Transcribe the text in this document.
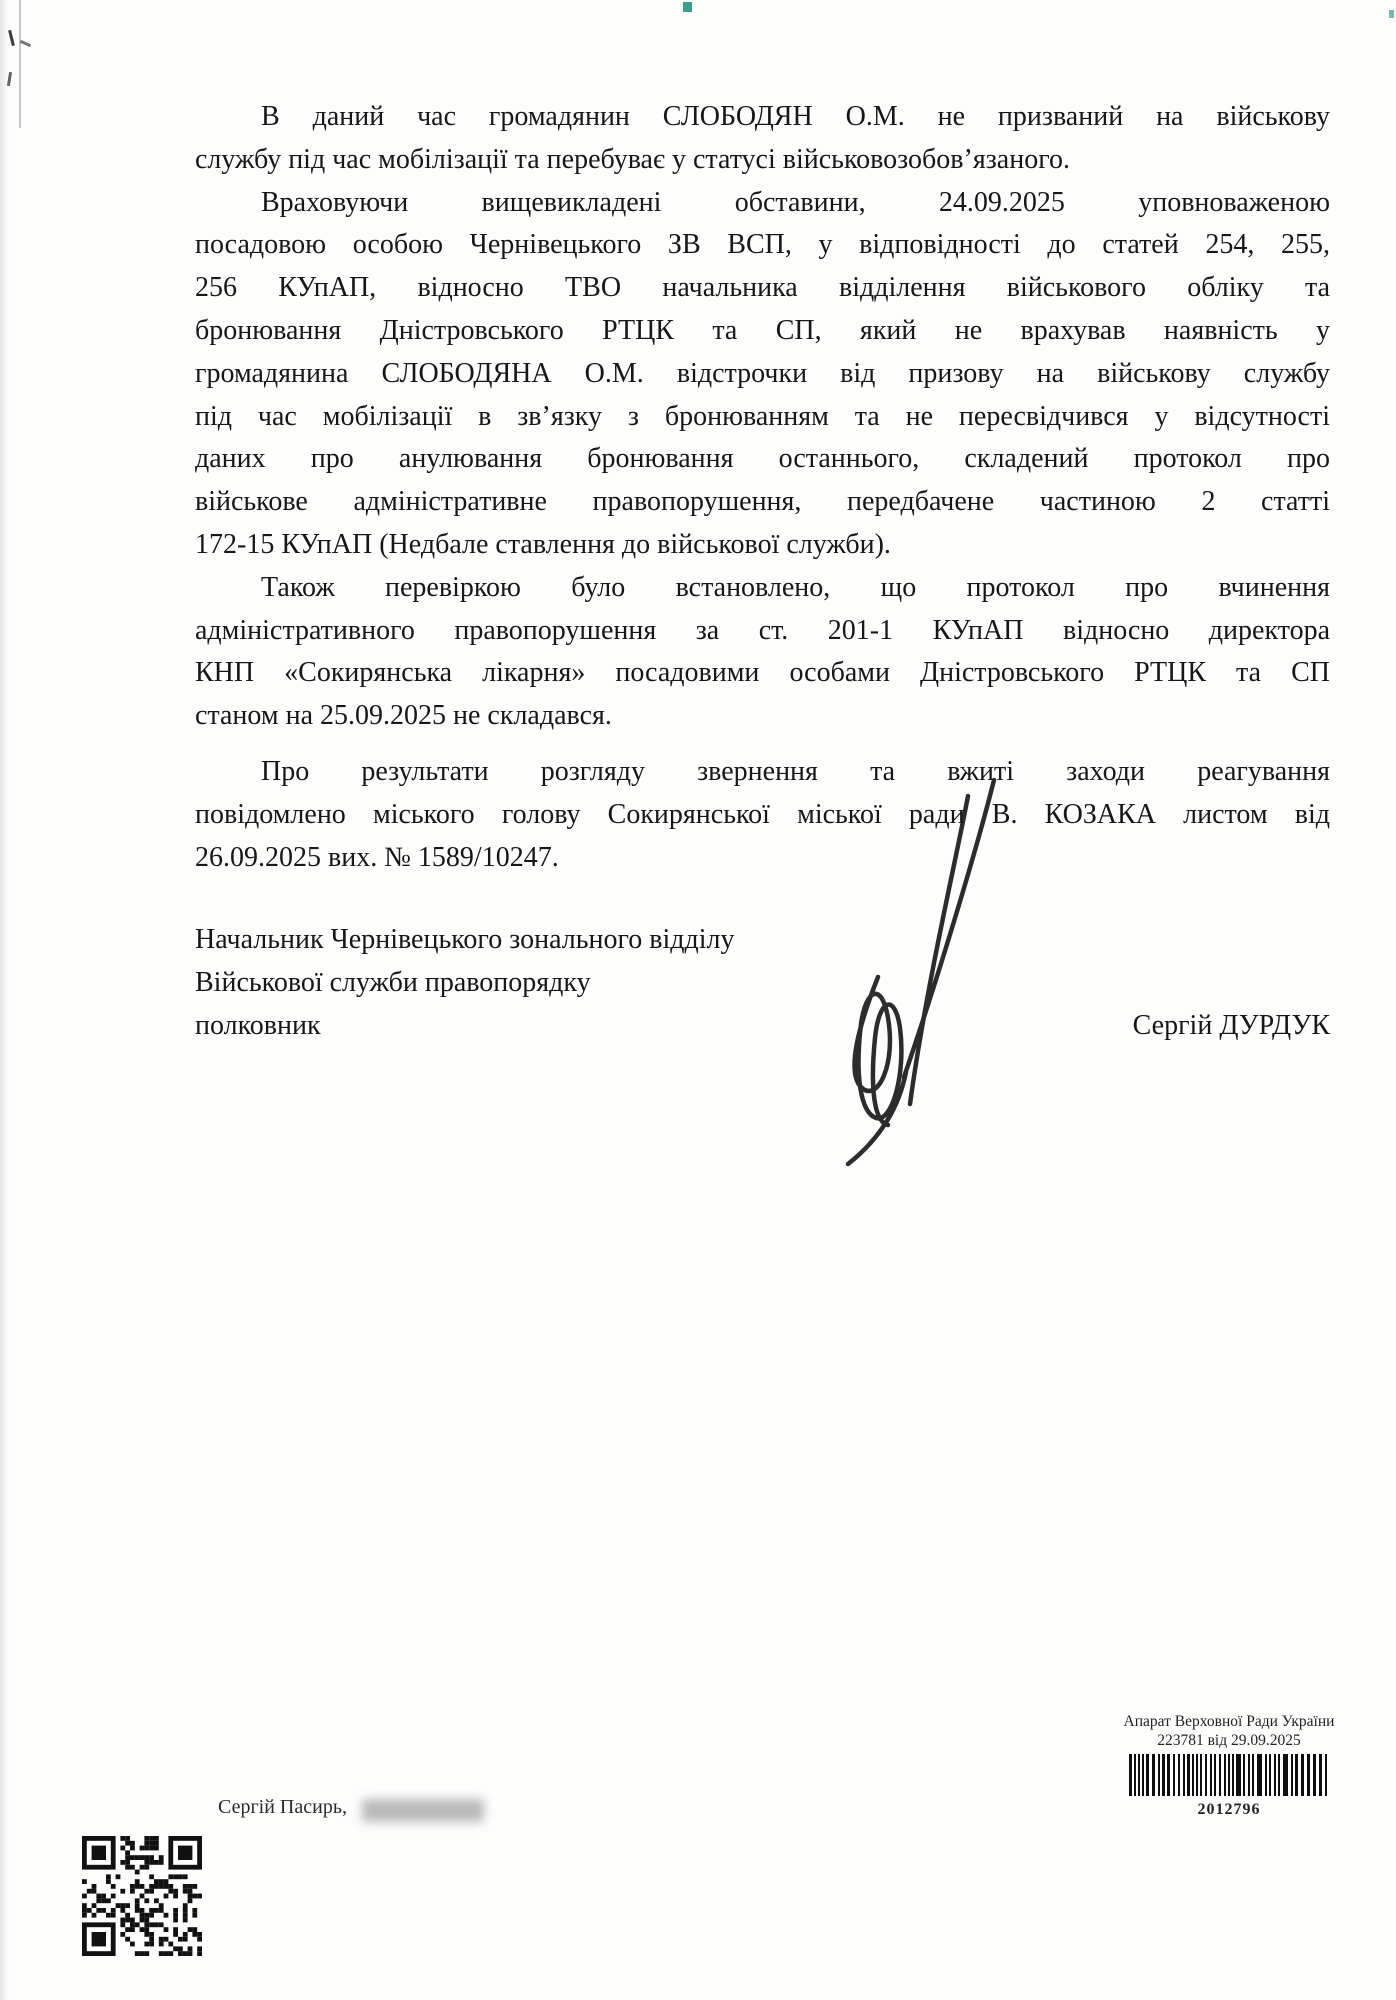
В даний час громадянин СЛОБОДЯН О.М. не призваний на військову
службу під час мобілізації та перебуває у статусі військовозобов’язаного.
Враховуючи вищевикладені обставини, 24.09.2025 уповноваженою
посадовою особою Чернівецького ЗВ ВСП, у відповідності до статей 254, 255,
256 КУпАП, відносно ТВО начальника відділення військового обліку та
бронювання Дністровського РТЦК та СП, який не врахував наявність у
громадянина СЛОБОДЯНА О.М. відстрочки від призову на військову службу
під час мобілізації в зв’язку з бронюванням та не пересвідчився у відсутності
даних про анулювання бронювання останнього, складений протокол про
військове адміністративне правопорушення, передбачене частиною 2 статті
172-15 КУпАП (Недбале ставлення до військової служби).
Також перевіркою було встановлено, що протокол про вчинення
адміністративного правопорушення за ст. 201-1 КУпАП відносно директора
КНП «Сокирянська лікарня» посадовими особами Дністровського РТЦК та СП
станом на 25.09.2025 не складався.
Про результати розгляду звернення та вжиті заходи реагування
повідомлено міського голову Сокирянської міської ради В. КОЗАКА листом від
26.09.2025 вих. № 1589/10247.
Начальник Чернівецького зонального відділу
Військової служби правопорядку
полковник	Сергій ДУРДУК
Сергій Пасирь,
Апарат Верховної Ради України
223781 від 29.09.2025
2012796
